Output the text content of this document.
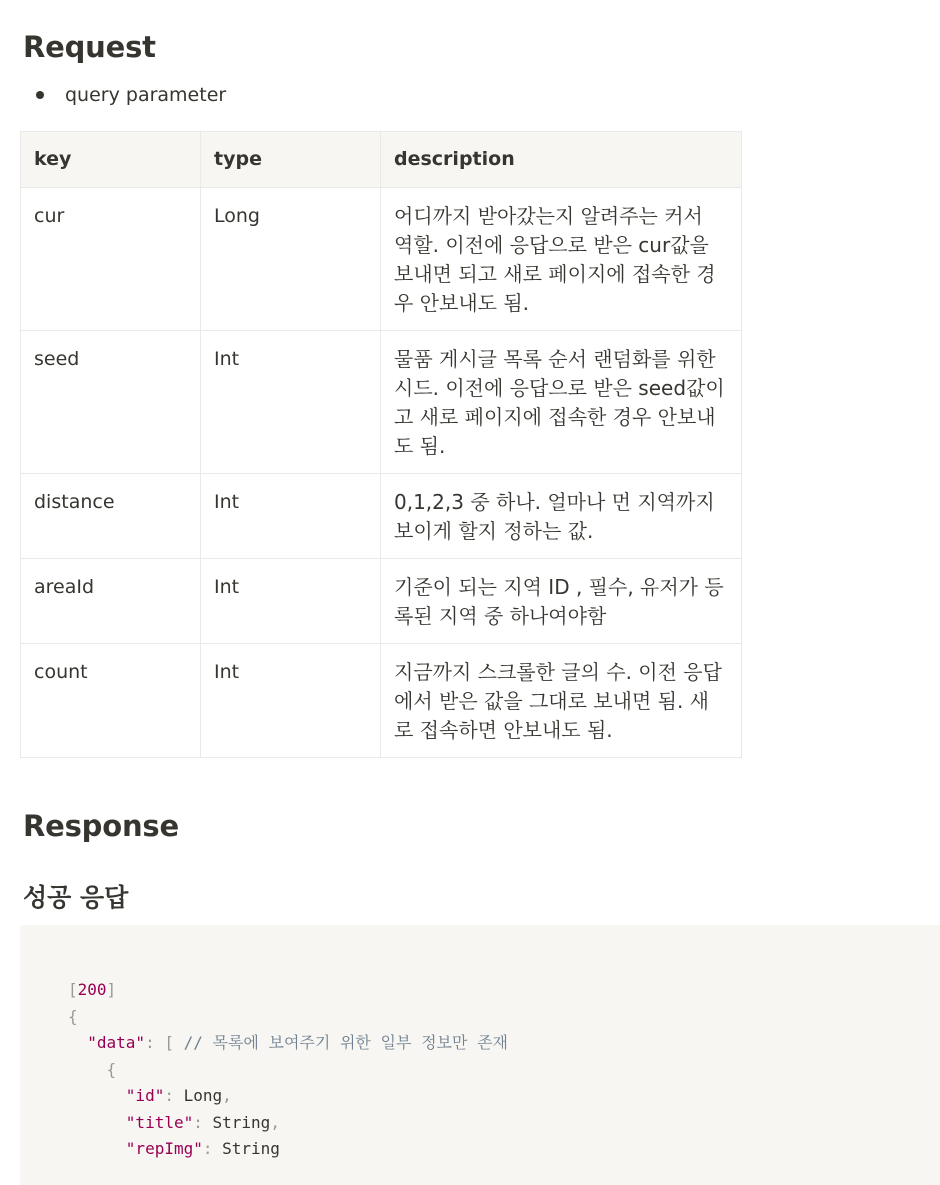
Request
query parameter
key	type	description
cur	Long	어디까지 받아갔는지 알려주는 커서 역할. 이전에 응답으로 받은 cur값을 보내면 되고 새로 페이지에 접속한 경우 안보내도 됨.
seed	Int	물품 게시글 목록 순서 랜덤화를 위한 시드. 이전에 응답으로 받은 seed값이고 새로 페이지에 접속한 경우 안보내도 됨.
distance	Int	0,1,2,3 중 하나. 얼마나 먼 지역까지 보이게 할지 정하는 값.
areaId	Int	기준이 되는 지역 ID , 필수, 유저가 등록된 지역 중 하나여야함
count	Int	지금까지 스크롤한 글의 수. 이전 응답에서 받은 값을 그대로 보내면 됨. 새로 접속하면 안보내도 됨.
Response
성공 응답
[200]
{
"data": [ // 목록에 보여주기 위한 일부 정보만 존재
{
"id": Long,
"title": String,
"repImg": String
